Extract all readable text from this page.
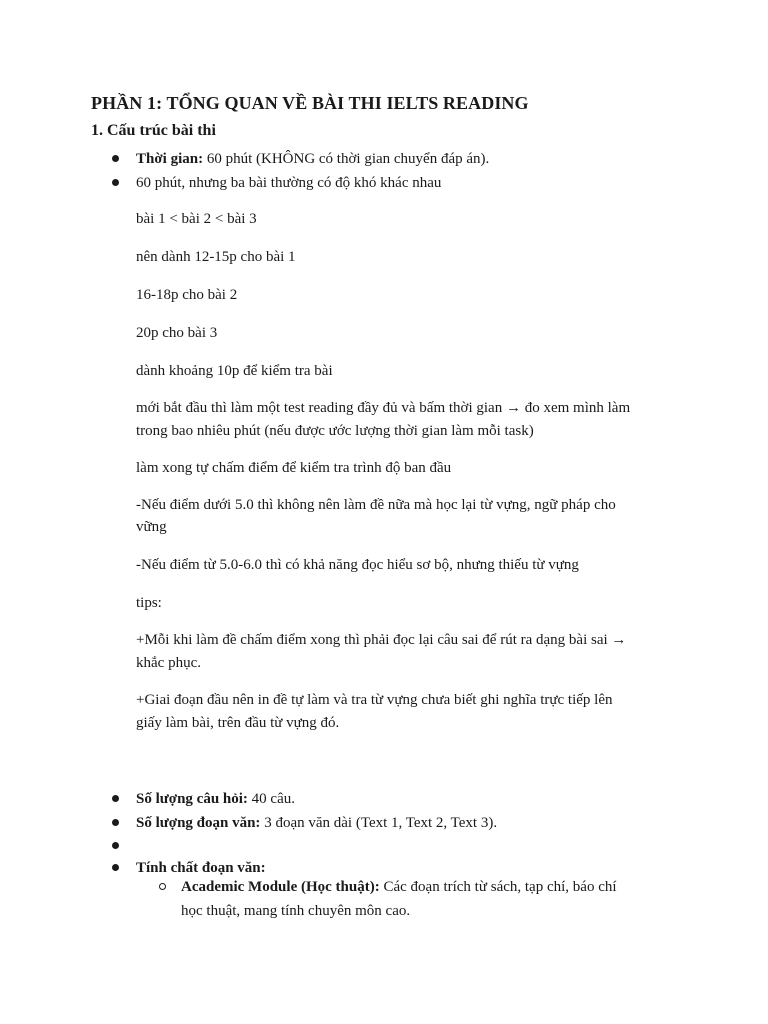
PHẦN 1: TỔNG QUAN VỀ BÀI THI IELTS READING
1. Cấu trúc bài thi
Thời gian: 60 phút (KHÔNG có thời gian chuyển đáp án).
60 phút, nhưng ba bài thường có độ khó khác nhau
bài 1 < bài 2 < bài 3
nên dành 12-15p cho bài 1
16-18p cho bài 2
20p cho bài 3
dành khoảng 10p để kiểm tra bài
mới bắt đầu thì làm một test reading đầy đủ và bấm thời gian → đo xem mình làm
trong bao nhiêu phút (nếu được ước lượng thời gian làm mỗi task)
làm xong tự chấm điểm để kiểm tra trình độ ban đầu
-Nếu điểm dưới 5.0 thì không nên làm đề nữa mà học lại từ vựng, ngữ pháp cho
vững
-Nếu điểm từ 5.0-6.0 thì có khả năng đọc hiểu sơ bộ, nhưng thiếu từ vựng
tips:
+Mỗi khi làm đề chấm điểm xong thì phải đọc lại câu sai để rút ra dạng bài sai →
khắc phục.
+Giai đoạn đầu nên in đề tự làm và tra từ vựng chưa biết ghi nghĩa trực tiếp lên
giấy làm bài, trên đầu từ vựng đó.
Số lượng câu hỏi: 40 câu.
Số lượng đoạn văn: 3 đoạn văn dài (Text 1, Text 2, Text 3).
Tính chất đoạn văn:
Academic Module (Học thuật): Các đoạn trích từ sách, tạp chí, báo chí
học thuật, mang tính chuyên môn cao.
